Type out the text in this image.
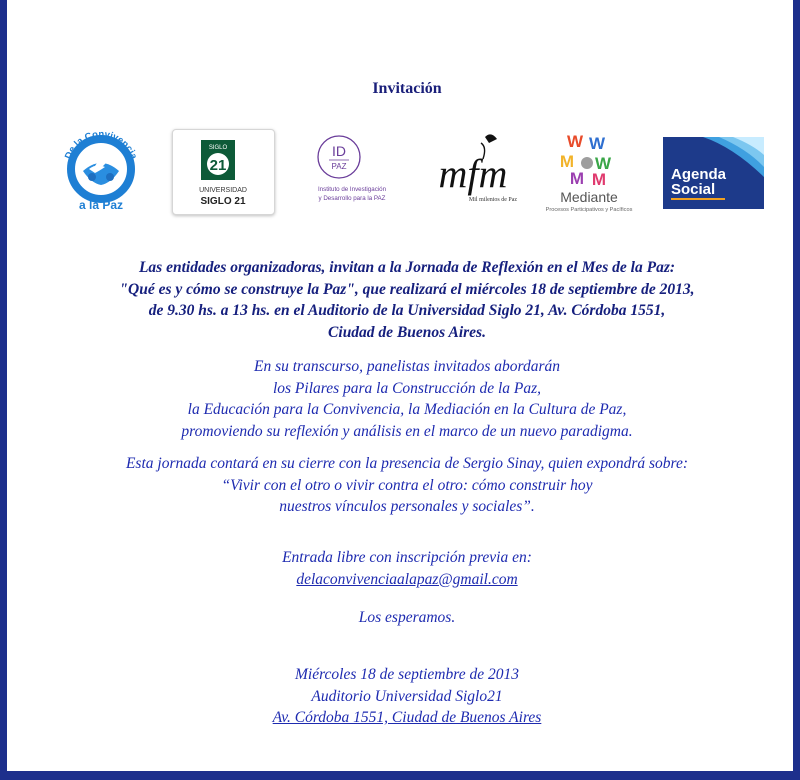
Invitación
De la Convivencia
a la Paz
SIGLO
21
UNIVERSIDAD
SIGLO 21
ID
PAZ
Instituto de Investigación
y Desarrollo para la PAZ
mfm
Mil milenios de Paz
W W
M W
M M
Mediante
Procesos Participativos y Pacíficos
Agenda
Social
Las entidades organizadoras, invitan a la Jornada de Reflexión en el Mes de la Paz:
"Qué es y cómo se construye la Paz", que realizará el miércoles 18 de septiembre de 2013,
de 9.30 hs. a 13 hs. en el Auditorio de la Universidad Siglo 21, Av. Córdoba 1551,
Ciudad de Buenos Aires.
En su transcurso, panelistas invitados abordarán
los Pilares para la Construcción de la Paz,
la Educación para la Convivencia, la Mediación en la Cultura de Paz,
promoviendo su reflexión y análisis en el marco de un nuevo paradigma.
Esta jornada contará en su cierre con la presencia de Sergio Sinay, quien expondrá sobre:
“Vivir con el otro o vivir contra el otro: cómo construir hoy
nuestros vínculos personales y sociales”.
Entrada libre con inscripción previa en:
delaconvivenciaalapaz@gmail.com
Los esperamos.
Miércoles 18 de septiembre de 2013
Auditorio Universidad Siglo21
Av. Córdoba 1551, Ciudad de Buenos Aires
